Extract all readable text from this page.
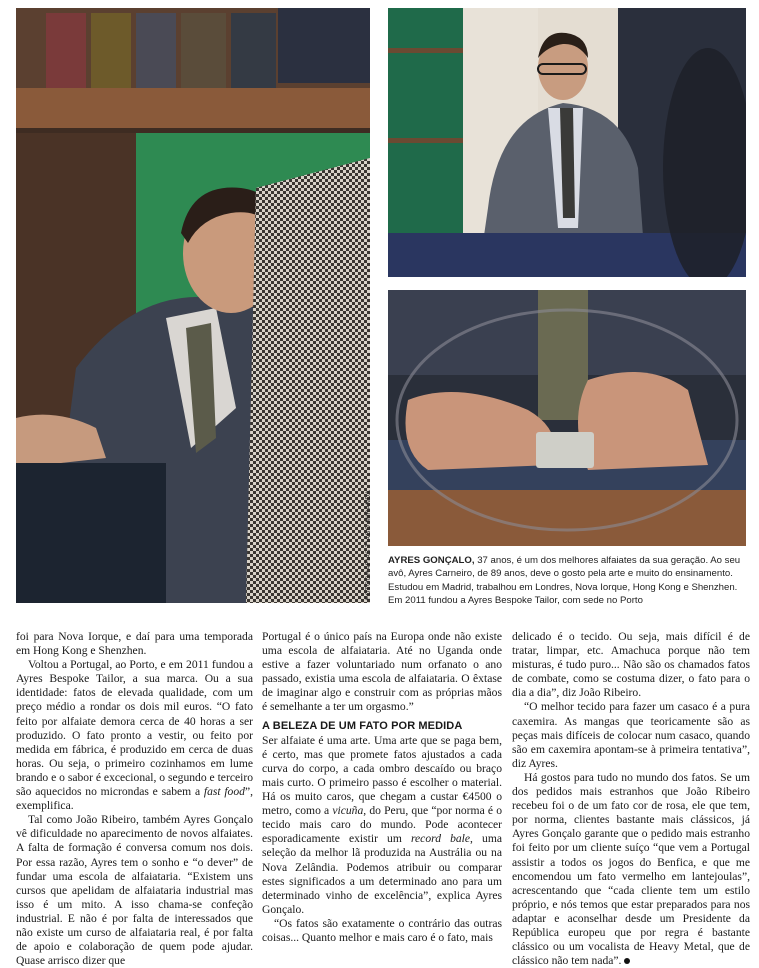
FOTOGRAFIAS TIAGO MIRANDA	AYRES GONÇALO, 37 anos, é um dos melhores alfaiates da sua geração. Ao seu avô, Ayres Carneiro, de 89 anos, deve o gosto pela arte e muito do ensinamento. Estudou em Madrid, trabalhou em Londres, Nova Iorque, Hong Kong e Shenzhen. Em 2011 fundou a Ayres Bespoke Tailor, com sede no Porto

foi para Nova Iorque, e daí para uma temporada em Hong Kong e Shenzhen.

Voltou a Portugal, ao Porto, e em 2011 fundou a Ayres Bespoke Tailor, a sua marca. Ou a sua identidade: fatos de elevada qualidade, com um preço médio a rondar os dois mil euros. “O fato feito por alfaiate demora cerca de 40 horas a ser produzido. O fato pronto a vestir, ou feito por medida em fábrica, é produzido em cerca de duas horas. Ou seja, o primeiro cozinhamos em lume brando e o sabor é excecional, o segundo e terceiro são aquecidos no microndas e sabem a fast food”, exemplifica.

Tal como João Ribeiro, também Ayres Gonçalo vê dificuldade no aparecimento de novos alfaiates. A falta de formação é conversa comum nos dois. Por essa razão, Ayres tem o sonho e “o dever” de fundar uma escola de alfaiataria. “Existem uns cursos que apelidam de alfaiataria industrial mas isso é um mito. A isso chama-se confeção industrial. E não é por falta de interessados que não existe um curso de alfaiataria real, é por falta de apoio e colaboração de quem pode ajudar. Quase arrisco dizer que

Portugal é o único país na Europa onde não existe uma escola de alfaiataria. Até no Uganda onde estive a fazer voluntariado num orfanato o ano passado, existia uma escola de alfaiataria. O êxtase de imaginar algo e construir com as próprias mãos é semelhante a ter um orgasmo.”

A BELEZA DE UM FATO POR MEDIDA

Ser alfaiate é uma arte. Uma arte que se paga bem, é certo, mas que promete fatos ajustados a cada curva do corpo, a cada ombro descaído ou braço mais curto. O primeiro passo é escolher o material. Há os muito caros, que chegam a custar €4500 o metro, como a vicuña, do Peru, que “por norma é o tecido mais caro do mundo. Pode acontecer esporadicamente existir um record bale, uma seleção da melhor lã produzida na Austrália ou na Nova Zelândia. Podemos atribuir ou comparar estes significados a um determinado ano para um determinado vinho de excelência”, explica Ayres Gonçalo.

“Os fatos são exatamente o contrário das outras coisas... Quanto melhor e mais caro é o fato, mais

delicado é o tecido. Ou seja, mais difícil é de tratar, limpar, etc. Amachuca porque não tem misturas, é tudo puro... Não são os chamados fatos de combate, como se costuma dizer, o fato para o dia a dia”, diz João Ribeiro.

“O melhor tecido para fazer um casaco é a pura caxemira. As mangas que teoricamente são as peças mais difíceis de colocar num casaco, quando são em caxemira apontam-se à primeira tentativa”, diz Ayres.

Há gostos para tudo no mundo dos fatos. Se um dos pedidos mais estranhos que João Ribeiro recebeu foi o de um fato cor de rosa, ele que tem, por norma, clientes bastante mais clássicos, já Ayres Gonçalo garante que o pedido mais estranho foi feito por um cliente suíço “que vem a Portugal assistir a todos os jogos do Benfica, e que me encomendou um fato vermelho em lantejoulas”, acrescentando que “cada cliente tem um estilo próprio, e nós temos que estar preparados para nos adaptar e aconselhar desde um Presidente da República europeu que por regra é bastante clássico ou um vocalista de Heavy Metal, que de clássico não tem nada”.
